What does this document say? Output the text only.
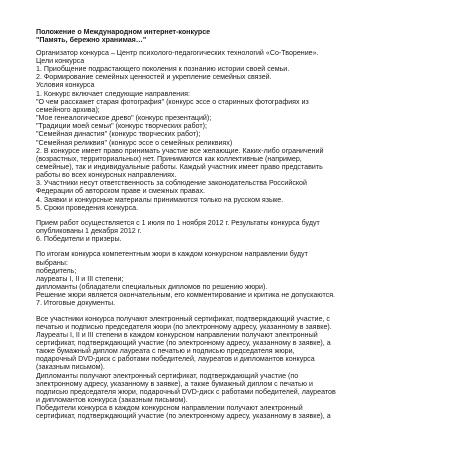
Положение о Международном интернет-конкурсе
"Память, бережно хранимая…"
Организатор конкурса – Центр психолого-педагогических технологий «Со-Творение».
Цели конкурса
1. Приобщение подрастающего поколения к познанию истории своей семьи.
2. Формирование семейных ценностей и укрепление семейных связей.
Условия конкурса
1. Конкурс включает следующие направления:
"О чем расскажет старая фотография" (конкурс эссе о старинных фотографиях из
семейного архива);
"Мое генеалогическое древо" (конкурс презентаций);
"Традиции моей семьи" (конкурс творческих работ);
"Семейная династия" (конкурс творческих работ);
"Семейная реликвия" (конкурс эссе о семейных реликвиях)
2. В конкурсе имеет право принимать участие все желающие. Каких-либо ограничений
(возрастных, территориальных) нет. Принимаются как коллективные (например,
семейные), так и индивидуальные работы. Каждый участник имеет право представить
работы во всех конкурсных направлениях.
3. Участники несут ответственность за соблюдение законодательства Российской
Федерации об авторском праве и смежных правах.
4. Заявки и конкурсные материалы принимаются только на русском языке.
5. Сроки проведения конкурса.
Прием работ осуществляется с 1 июля по 1 ноября 2012 г. Результаты конкурса будут
опубликованы 1 декабря 2012 г.
6. Победители и призеры.
По итогам конкурса компетентным жюри в каждом конкурсном направлении будут
выбраны:
победитель;
лауреаты I, II и III степени;
дипломанты (обладатели специальных дипломов по решению жюри).
Решение жюри является окончательным, его комментирование и критика не допускаются.
7. Итоговые документы.
Все участники конкурса получают электронный сертификат, подтверждающий участие, с
печатью и подписью председателя жюри (по электронному адресу, указанному в заявке).
Лауреаты I, II и III степени в каждом конкурсном направлении получают электронный
сертификат, подтверждающий участие (по электронному адресу, указанному в заявке), а
также бумажный диплом лауреата с печатью и подписью председателя жюри,
подарочный DVD-диск с работами победителей, лауреатов и дипломантов конкурса
(заказным письмом).
Дипломанты получают электронный сертификат, подтверждающий участие (по
электронному адресу, указанному в заявке), а также бумажный диплом с печатью и
подписью председателя жюри, подарочный DVD-диск с работами победителей, лауреатов
и дипломантов конкурса (заказным письмом).
Победители конкурса в каждом конкурсном направлении получают электронный
сертификат, подтверждающий участие (по электронному адресу, указанному в заявке), а
